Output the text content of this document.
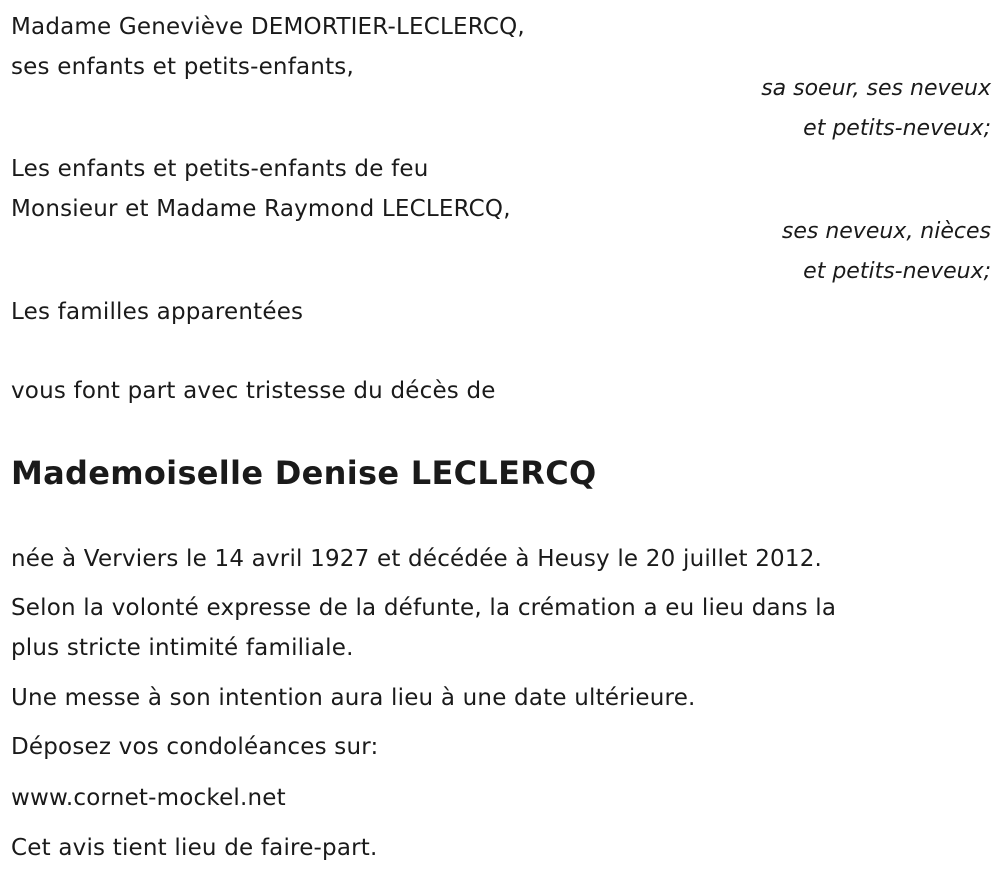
Madame Geneviève DEMORTIER-LECLERCQ,
ses enfants et petits-enfants,
sa soeur, ses neveux
et petits-neveux;
Les enfants et petits-enfants de feu
Monsieur et Madame Raymond LECLERCQ,
ses neveux, nièces
et petits-neveux;
Les familles apparentées
vous font part avec tristesse du décès de
Mademoiselle Denise LECLERCQ
née à Verviers le 14 avril 1927 et décédée à Heusy le 20 juillet 2012.
Selon la volonté expresse de la défunte, la crémation a eu lieu dans la
plus stricte intimité familiale.
Une messe à son intention aura lieu à une date ultérieure.
Déposez vos condoléances sur:
www.cornet-mockel.net
Cet avis tient lieu de faire-part.
